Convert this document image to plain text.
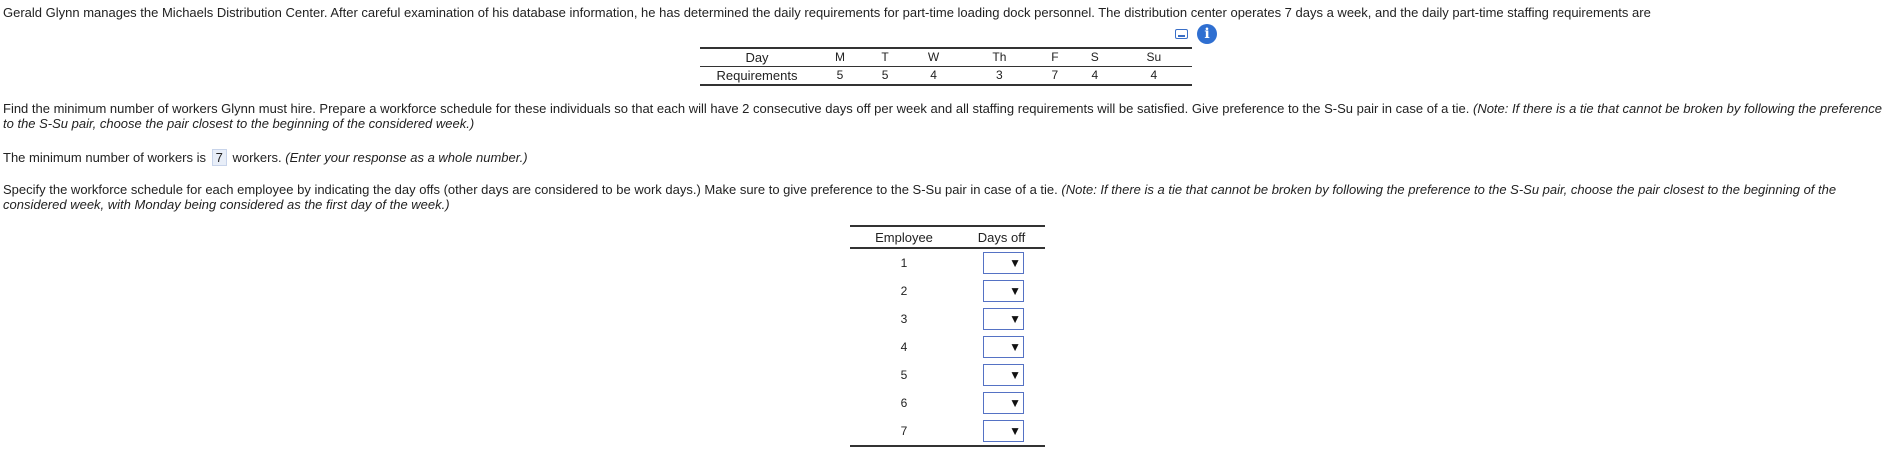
Gerald Glynn manages the Michaels Distribution Center. After careful examination of his database information, he has determined the daily requirements for part-time loading dock personnel. The distribution center operates 7 days a week, and the daily part-time staffing requirements are
i
Day	M	T	W	Th	F	S	Su
Requirements	5	5	4	3	7	4	4
Find the minimum number of workers Glynn must hire. Prepare a workforce schedule for these individuals so that each will have 2 consecutive days off per week and all staffing requirements will be satisfied. Give preference to the S-Su pair in case of a tie. (Note: If there is a tie that cannot be broken by following the preference
to the S-Su pair, choose the pair closest to the beginning of the considered week.)
The minimum number of workers is 7 workers. (Enter your response as a whole number.)
Specify the workforce schedule for each employee by indicating the day offs (other days are considered to be work days.) Make sure to give preference to the S-Su pair in case of a tie. (Note: If there is a tie that cannot be broken by following the preference to the S-Su pair, choose the pair closest to the beginning of the
considered week, with Monday being considered as the first day of the week.)
Employee	Days off
1	▼
2	▼
3	▼
4	▼
5	▼
6	▼
7	▼
